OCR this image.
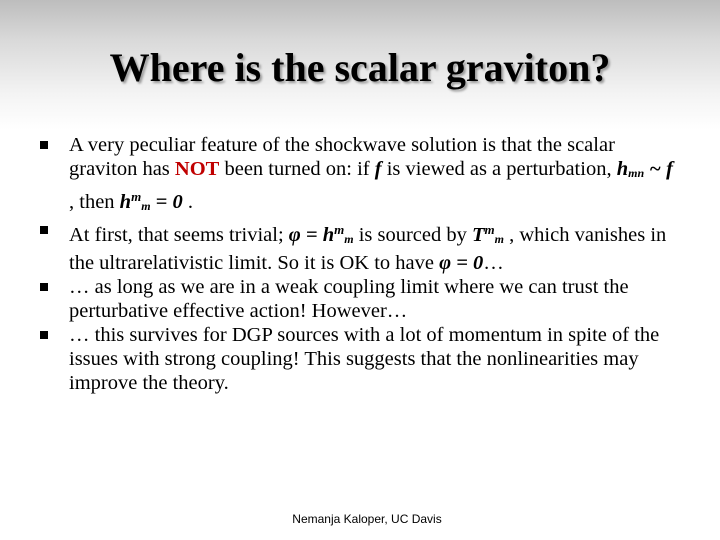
Where is the scalar graviton?
A very peculiar feature of the shockwave solution is that the scalar graviton has NOT been turned on: if f is viewed as a perturbation, hmn ~ f , then $h^mm = 0$ .
At first, that seems trivial; $\varphi = h^mm$ is sourced by $T^mm$ , which vanishes in the ultrarelativistic limit. So it is OK to have φ = 0…
… as long as we are in a weak coupling limit where we can trust the perturbative effective action! However…
… this survives for DGP sources with a lot of momentum in spite of the issues with strong coupling! This suggests that the nonlinearities may improve the theory.
Nemanja Kaloper, UC Davis
